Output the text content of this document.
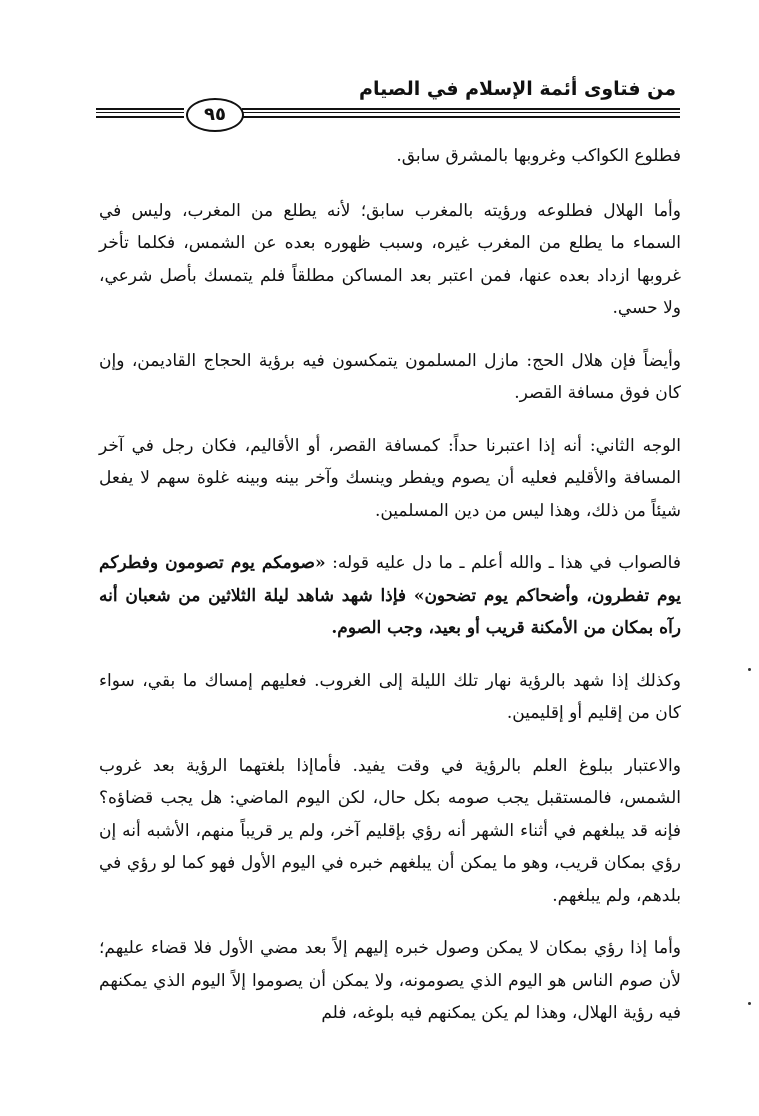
من فتاوى أئمة الإسلام في الصيام
٩٥

فطلوع الكواكب وغروبها بالمشرق سابق.

وأما الهلال فطلوعه ورؤيته بالمغرب سابق؛ لأنه يطلع من المغرب، وليس في السماء ما يطلع من المغرب غيره، وسبب ظهوره بعده عن الشمس، فكلما تأخر غروبها ازداد بعده عنها، فمن اعتبر بعد المساكن مطلقاً فلم يتمسك بأصل شرعي، ولا حسي.

وأيضاً فإن هلال الحج: مازل المسلمون يتمكسون فيه برؤية الحجاج القاديمن، وإن كان فوق مسافة القصر.

الوجه الثاني: أنه إذا اعتبرنا حداً: كمسافة القصر، أو الأقاليم، فكان رجل في آخر المسافة والأقليم فعليه أن يصوم ويفطر وينسك وآخر بينه وبينه غلوة سهم لا يفعل شيئاً من ذلك، وهذا ليس من دين المسلمين.

فالصواب في هذا ـ والله أعلم ـ ما دل عليه قوله: «صومكم يوم تصومون وفطركم يوم تفطرون، وأضحاكم يوم تضحون» فإذا شهد شاهد ليلة الثلاثين من شعبان أنه رآه بمكان من الأمكنة قريب أو بعيد، وجب الصوم.

وكذلك إذا شهد بالرؤية نهار تلك الليلة إلى الغروب. فعليهم إمساك ما بقي، سواء كان من إقليم أو إقليمين.

والاعتبار ببلوغ العلم بالرؤية في وقت يفيد. فأماإذا بلغتهما الرؤية بعد غروب الشمس، فالمستقبل يجب صومه بكل حال، لكن اليوم الماضي: هل يجب قضاؤه؟ فإنه قد يبلغهم في أثناء الشهر أنه رؤي بإقليم آخر، ولم ير قريباً منهم، الأشبه أنه إن رؤي بمكان قريب، وهو ما يمكن أن يبلغهم خبره في اليوم الأول فهو كما لو رؤي في بلدهم، ولم يبلغهم.

وأما إذا رؤي بمكان لا يمكن وصول خبره إليهم إلاً بعد مضي الأول فلا قضاء عليهم؛ لأن صوم الناس هو اليوم الذي يصومونه، ولا يمكن أن يصوموا إلاً اليوم الذي يمكنهم فيه رؤية الهلال، وهذا لم يكن يمكنهم فيه بلوغه، فلم
